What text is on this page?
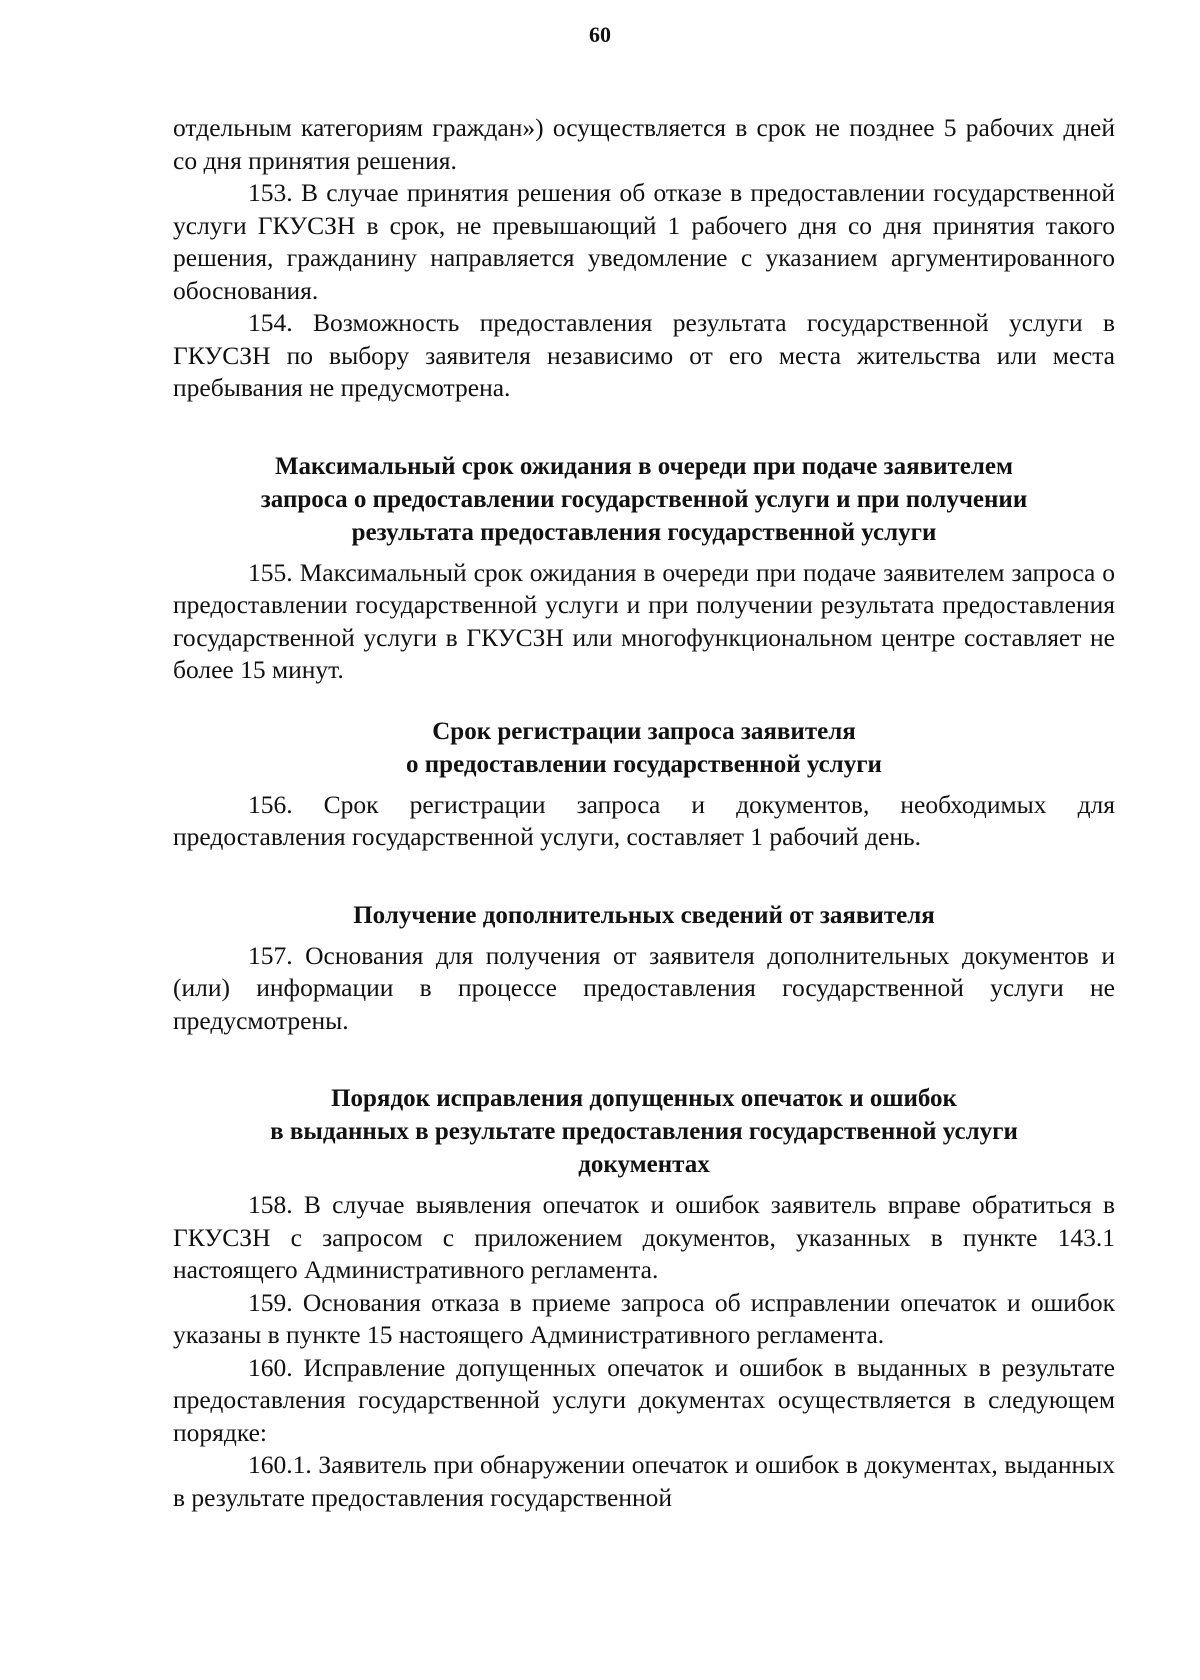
60

отдельным категориям граждан») осуществляется в срок не позднее 5 рабочих дней со дня принятия решения.

153. В случае принятия решения об отказе в предоставлении государственной услуги ГКУСЗН в срок, не превышающий 1 рабочего дня со дня принятия такого решения, гражданину направляется уведомление с указанием аргументированного обоснования.

154. Возможность предоставления результата государственной услуги в ГКУСЗН по выбору заявителя независимо от его места жительства или места пребывания не предусмотрена.

Максимальный срок ожидания в очереди при подаче заявителем
запроса о предоставлении государственной услуги и при получении
результата предоставления государственной услуги

155. Максимальный срок ожидания в очереди при подаче заявителем запроса о предоставлении государственной услуги и при получении результата предоставления государственной услуги в ГКУСЗН или многофункциональном центре составляет не более 15 минут.

Срок регистрации запроса заявителя
о предоставлении государственной услуги

156. Срок регистрации запроса и документов, необходимых для предоставления государственной услуги, составляет 1 рабочий день.

Получение дополнительных сведений от заявителя

157. Основания для получения от заявителя дополнительных документов и (или) информации в процессе предоставления государственной услуги не предусмотрены.

Порядок исправления допущенных опечаток и ошибок
в выданных в результате предоставления государственной услуги
документах

158. В случае выявления опечаток и ошибок заявитель вправе обратиться в ГКУСЗН с запросом с приложением документов, указанных в пункте 143.1 настоящего Административного регламента.

159. Основания отказа в приеме запроса об исправлении опечаток и ошибок указаны в пункте 15 настоящего Административного регламента.

160. Исправление допущенных опечаток и ошибок в выданных в результате предоставления государственной услуги документах осуществляется в следующем порядке:

160.1. Заявитель при обнаружении опечаток и ошибок в документах, выданных в результате предоставления государственной
